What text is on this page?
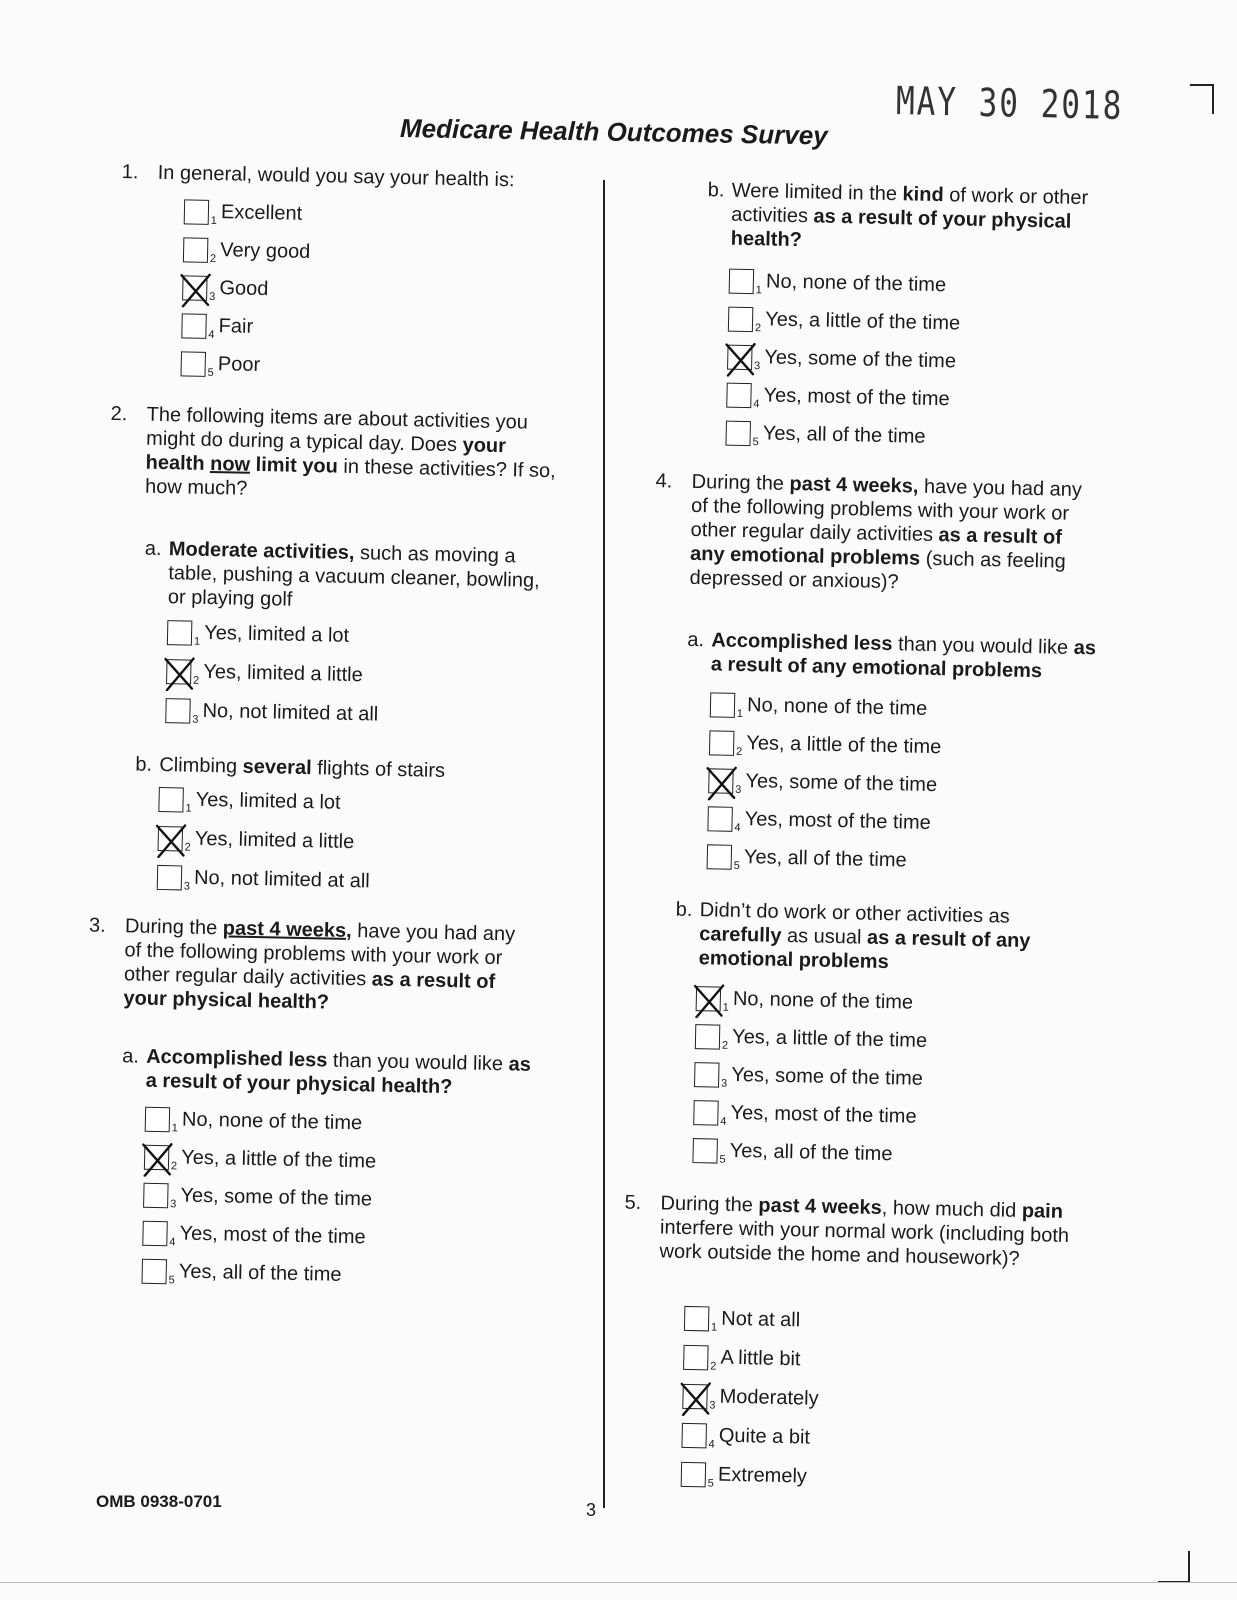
MAY 30 2018
Medicare Health Outcomes Survey
1. In general, would you say your health is:
$_1$ Excellent
$_2$ Very good
$_3$ Good
$_4$ Fair
$_5$ Poor
2. The following items are about activities you might do during a typical day. Does your health now limit you in these activities? If so, how much?
a. Moderate activities, such as moving a table, pushing a vacuum cleaner, bowling, or playing golf
$_1$ Yes, limited a lot
$_2$ Yes, limited a little
$_3$ No, not limited at all
b. Climbing several flights of stairs
$_1$ Yes, limited a lot
$_2$ Yes, limited a little
$_3$ No, not limited at all
3. During the past 4 weeks, have you had any of the following problems with your work or other regular daily activities as a result of your physical health?
a. Accomplished less than you would like as a result of your physical health?
$_1$ No, none of the time
$_2$ Yes, a little of the time
$_3$ Yes, some of the time
$_4$ Yes, most of the time
$_5$ Yes, all of the time
b. Were limited in the kind of work or other activities as a result of your physical health?
$_1$ No, none of the time
$_2$ Yes, a little of the time
$_3$ Yes, some of the time
$_4$ Yes, most of the time
$_5$ Yes, all of the time
4. During the past 4 weeks, have you had any of the following problems with your work or other regular daily activities as a result of any emotional problems (such as feeling depressed or anxious)?
a. Accomplished less than you would like as a result of any emotional problems
$_1$ No, none of the time
$_2$ Yes, a little of the time
$_3$ Yes, some of the time
$_4$ Yes, most of the time
$_5$ Yes, all of the time
b. Didn’t do work or other activities as carefully as usual as a result of any emotional problems
$_1$ No, none of the time
$_2$ Yes, a little of the time
$_3$ Yes, some of the time
$_4$ Yes, most of the time
$_5$ Yes, all of the time
5. During the past 4 weeks, how much did pain interfere with your normal work (including both work outside the home and housework)?
$_1$ Not at all
$_2$ A little bit
$_3$ Moderately
$_4$ Quite a bit
$_5$ Extremely
OMB 0938-0701	3
